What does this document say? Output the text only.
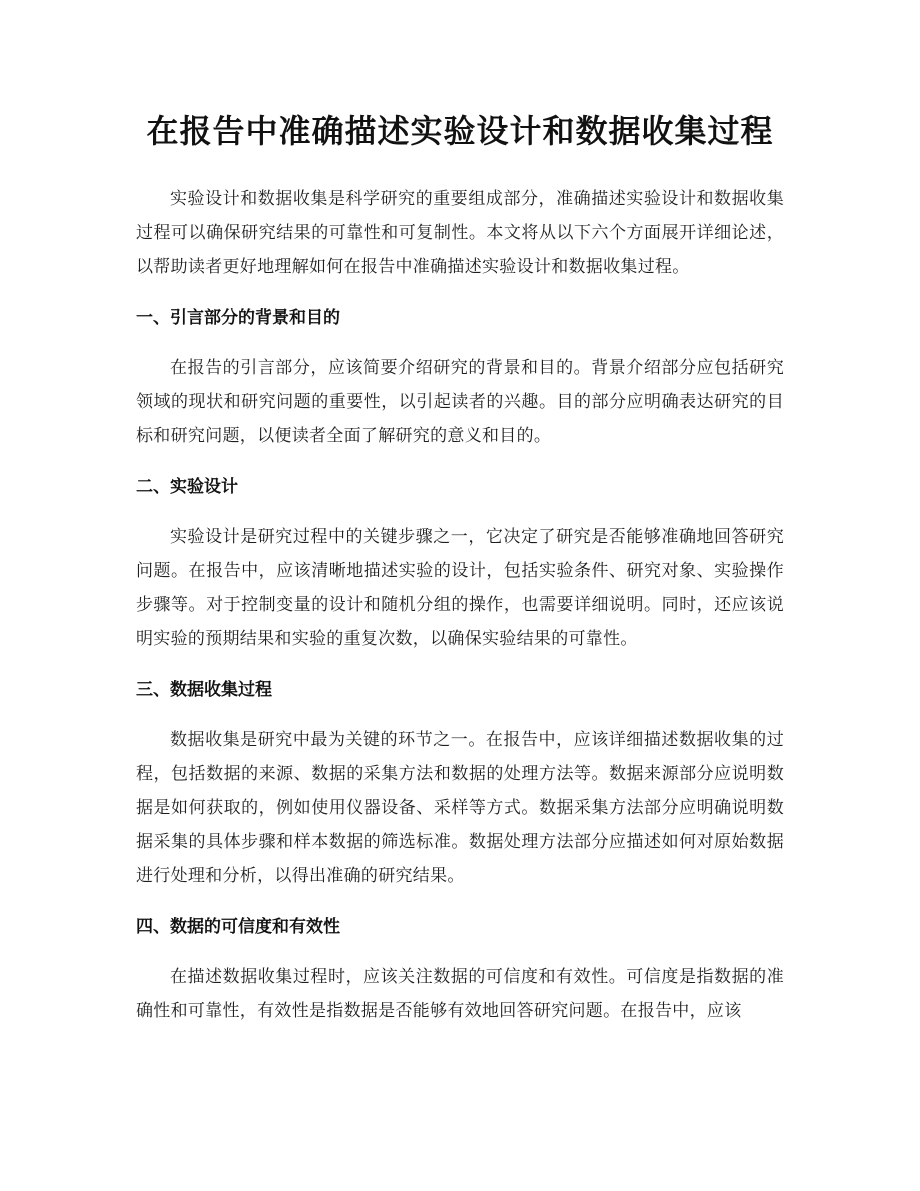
在报告中准确描述实验设计和数据收集过程

实验设计和数据收集是科学研究的重要组成部分，准确描述实验设计和数据收集过程可以确保研究结果的可靠性和可复制性。本文将从以下六个方面展开详细论述，以帮助读者更好地理解如何在报告中准确描述实验设计和数据收集过程。

一、引言部分的背景和目的

在报告的引言部分，应该简要介绍研究的背景和目的。背景介绍部分应包括研究领域的现状和研究问题的重要性，以引起读者的兴趣。目的部分应明确表达研究的目标和研究问题，以便读者全面了解研究的意义和目的。

二、实验设计

实验设计是研究过程中的关键步骤之一，它决定了研究是否能够准确地回答研究问题。在报告中，应该清晰地描述实验的设计，包括实验条件、研究对象、实验操作步骤等。对于控制变量的设计和随机分组的操作，也需要详细说明。同时，还应该说明实验的预期结果和实验的重复次数，以确保实验结果的可靠性。

三、数据收集过程

数据收集是研究中最为关键的环节之一。在报告中，应该详细描述数据收集的过程，包括数据的来源、数据的采集方法和数据的处理方法等。数据来源部分应说明数据是如何获取的，例如使用仪器设备、采样等方式。数据采集方法部分应明确说明数据采集的具体步骤和样本数据的筛选标准。数据处理方法部分应描述如何对原始数据进行处理和分析，以得出准确的研究结果。

四、数据的可信度和有效性

在描述数据收集过程时，应该关注数据的可信度和有效性。可信度是指数据的准确性和可靠性，有效性是指数据是否能够有效地回答研究问题。在报告中，应该
